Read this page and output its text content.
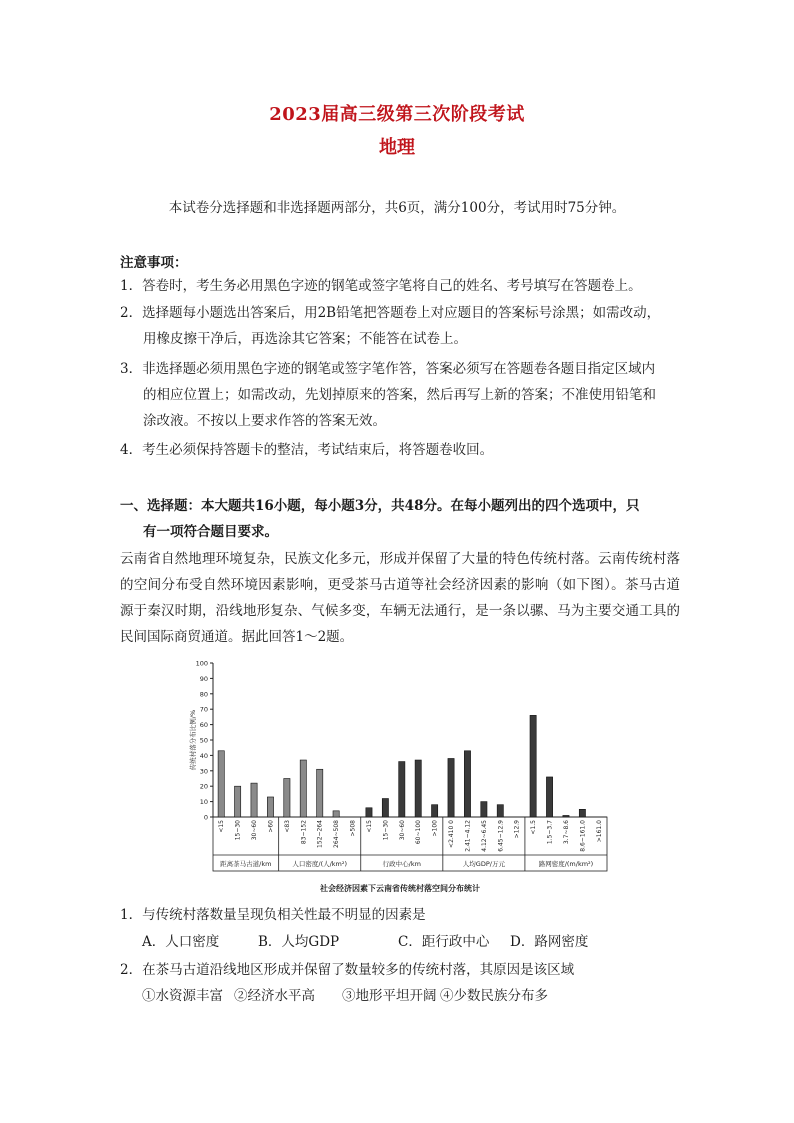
2023届高三级第三次阶段考试
地理
本试卷分选择题和非选择题两部分，共6页，满分100分，考试用时75分钟。
注意事项：
1．答卷时，考生务必用黑色字迹的钢笔或签字笔将自己的姓名、考号填写在答题卷上。
2．选择题每小题选出答案后，用2B铅笔把答题卷上对应题目的答案标号涂黑；如需改动，
用橡皮擦干净后，再选涂其它答案；不能答在试卷上。
3．非选择题必须用黑色字迹的钢笔或签字笔作答，答案必须写在答题卷各题目指定区域内
的相应位置上；如需改动，先划掉原来的答案，然后再写上新的答案；不准使用铅笔和
涂改液。不按以上要求作答的答案无效。
4．考生必须保持答题卡的整洁，考试结束后，将答题卷收回。
一、选择题：本大题共16小题，每小题3分，共48分。在每小题列出的四个选项中，只
有一项符合题目要求。
云南省自然地理环境复杂，民族文化多元，形成并保留了大量的特色传统村落。云南传统村落的空间分布受自然环境因素影响，更受茶马古道等社会经济因素的影响（如下图）。茶马古道源于秦汉时期，沿线地形复杂、气候多变，车辆无法通行，是一条以骡、马为主要交通工具的民间国际商贸通道。据此回答1～2题。
0
10
20
30
40
50
60
70
80
90
100
传统村落分布比例/%
<15 15~30 30~60 >60
距离茶马古道/km
<83 83~152 152~264 264~508 >508
人口密度/(人/km²)
<15 15~30 30~60 60~100 >100
行政中心/km
<2.410 0 2.41~4.12 4.12~6.45 6.45~12.9 >12.9
人均GDP/万元
<1.5 1.5~3.7 3.7~8.6 8.6~161.0 >161.0
路网密度/(m/km²)
社会经济因素下云南省传统村落空间分布统计
1．与传统村落数量呈现负相关性最不明显的因素是
A．人口密度	B．人均GDP	C．距行政中心 D．路网密度
2．在茶马古道沿线地区形成并保留了数量较多的传统村落，其原因是该区域
①水资源丰富 ②经济水平高 ③地形平坦开阔 ④少数民族分布多
